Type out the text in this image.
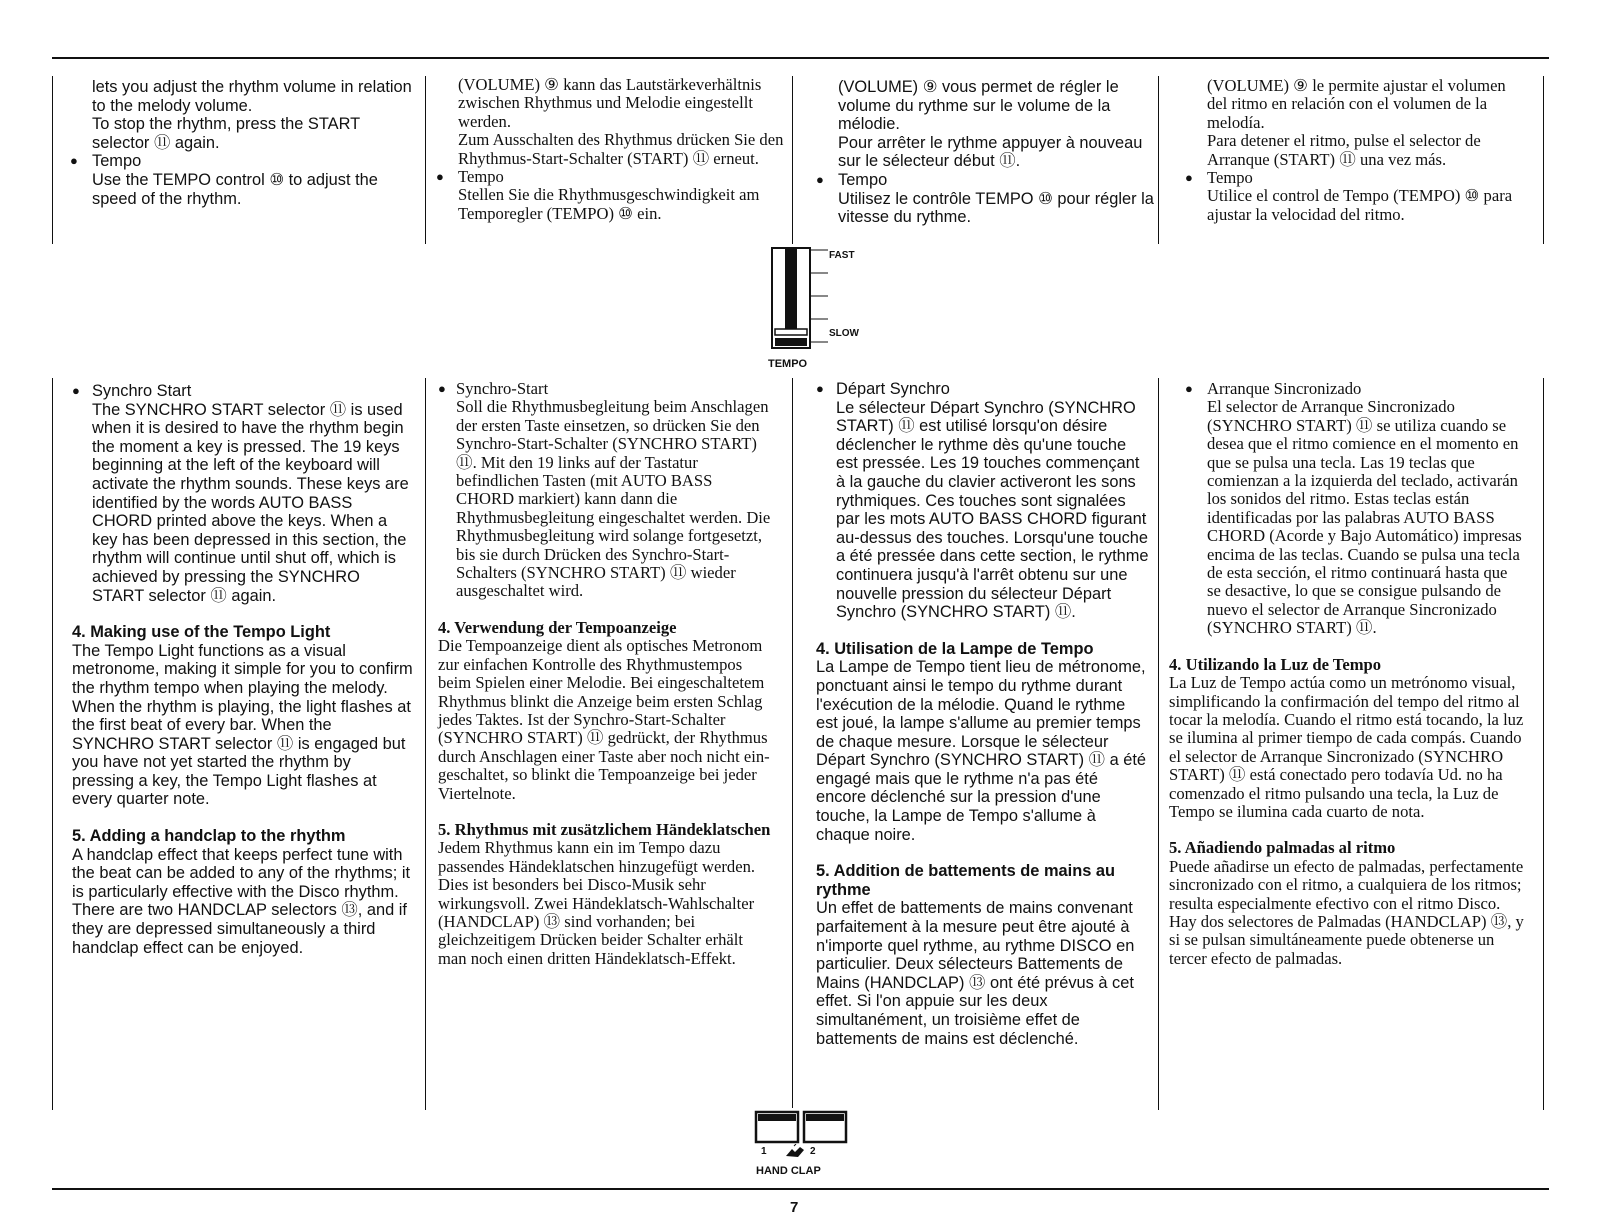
lets you adjust the rhythm volume in relation to the melody volume.

To stop the rhythm, press the START selector ⑪ again.

● Tempo

Use the TEMPO control ⑩ to adjust the speed of the rhythm.

(VOLUME) ⑨ kann das Lautstärkeverhältnis zwischen Rhythmus und Melodie eingestellt werden.

Zum Ausschalten des Rhythmus drücken Sie den Rhythmus-Start-Schalter (START) ⑪ erneut.

● Tempo

Stellen Sie die Rhythmusgeschwindigkeit am Temporegler (TEMPO) ⑩ ein.

(VOLUME) ⑨ vous permet de régler le volume du rythme sur le volume de la mélodie.

Pour arrêter le rythme appuyer à nouveau sur le sélecteur début ⑪.

● Tempo

Utilisez le contrôle TEMPO ⑩ pour régler la vitesse du rythme.

(VOLUME) ⑨ le permite ajustar el volumen del ritmo en relación con el volumen de la melodía.

Para detener el ritmo, pulse el selector de Arranque (START) ⑪ una vez más.

● Tempo

Utilice el control de Tempo (TEMPO) ⑩ para ajustar la velocidad del ritmo.

FAST
SLOW
TEMPO

● Synchro Start

The SYNCHRO START selector ⑪ is used when it is desired to have the rhythm begin the moment a key is pressed. The 19 keys beginning at the left of the keyboard will activate the rhythm sounds. These keys are identified by the words AUTO BASS CHORD printed above the keys. When a key has been depressed in this section, the rhythm will continue until shut off, which is achieved by pressing the SYNCHRO START selector ⑪ again.

4. Making use of the Tempo Light

The Tempo Light functions as a visual metronome, making it simple for you to confirm the rhythm tempo when playing the melody. When the rhythm is playing, the light flashes at the first beat of every bar. When the SYNCHRO START selector ⑪ is engaged but you have not yet started the rhythm by pressing a key, the Tempo Light flashes at every quarter note.

5. Adding a handclap to the rhythm

A handclap effect that keeps perfect tune with the beat can be added to any of the rhythms; it is particularly effective with the Disco rhythm. There are two HANDCLAP selectors ⑬, and if they are depressed simultaneously a third handclap effect can be enjoyed.

● Synchro-Start

Soll die Rhythmusbegleitung beim Anschlagen der ersten Taste einsetzen, so drücken Sie den Synchro-Start-Schalter (SYNCHRO START) ⑪. Mit den 19 links auf der Tastatur befindlichen Tasten (mit AUTO BASS CHORD markiert) kann dann die Rhythmusbegleitung eingeschaltet werden. Die Rhythmusbegleitung wird solange fortgesetzt, bis sie durch Drücken des Synchro-Start-Schalters (SYNCHRO START) ⑪ wieder ausgeschaltet wird.

4. Verwendung der Tempoanzeige

Die Tempoanzeige dient als optisches Metronom zur einfachen Kontrolle des Rhythmustempos beim Spielen einer Melodie. Bei eingeschaltetem Rhythmus blinkt die Anzeige beim ersten Schlag jedes Taktes. Ist der Synchro-Start-Schalter (SYNCHRO START) ⑪ gedrückt, der Rhythmus durch Anschlagen einer Taste aber noch nicht eingeschaltet, so blinkt die Tempoanzeige bei jeder Viertelnote.

5. Rhythmus mit zusätzlichem Händeklatschen

Jedem Rhythmus kann ein im Tempo dazu passendes Händeklatschen hinzugefügt werden. Dies ist besonders bei Disco-Musik sehr wirkungsvoll. Zwei Händeklatsch-Wahlschalter (HANDCLAP) ⑬ sind vorhanden; bei gleichzeitigem Drücken beider Schalter erhält man noch einen dritten Händeklatsch-Effekt.

● Départ Synchro

Le sélecteur Départ Synchro (SYNCHRO START) ⑪ est utilisé lorsqu'on désire déclencher le rythme dès qu'une touche est pressée. Les 19 touches commençant à la gauche du clavier activeront les sons rythmiques. Ces touches sont signalées par les mots AUTO BASS CHORD figurant au-dessus des touches. Lorsqu'une touche a été pressée dans cette section, le rythme continuera jusqu'à l'arrêt obtenu sur une nouvelle pression du sélecteur Départ Synchro (SYNCHRO START) ⑪.

4. Utilisation de la Lampe de Tempo

La Lampe de Tempo tient lieu de métronome, ponctuant ainsi le tempo du rythme durant l'exécution de la mélodie. Quand le rythme est joué, la lampe s'allume au premier temps de chaque mesure. Lorsque le sélecteur Départ Synchro (SYNCHRO START) ⑪ a été engagé mais que le rythme n'a pas été encore déclenché sur la pression d'une touche, la Lampe de Tempo s'allume à chaque noire.

5. Addition de battements de mains au rythme

Un effet de battements de mains convenant parfaitement à la mesure peut être ajouté à n'importe quel rythme, au rythme DISCO en particulier. Deux sélecteurs Battements de Mains (HANDCLAP) ⑬ ont été prévus à cet effet. Si l'on appuie sur les deux simultanément, un troisième effet de battements de mains est déclenché.

● Arranque Sincronizado

El selector de Arranque Sincronizado (SYNCHRO START) ⑪ se utiliza cuando se desea que el ritmo comience en el momento en que se pulsa una tecla. Las 19 teclas que comienzan a la izquierda del teclado, activarán los sonidos del ritmo. Estas teclas están identificadas por las palabras AUTO BASS CHORD (Acorde y Bajo Automático) impresas encima de las teclas. Cuando se pulsa una tecla de esta sección, el ritmo continuará hasta que se desactive, lo que se consigue pulsando de nuevo el selector de Arranque Sincronizado (SYNCHRO START) ⑪.

4. Utilizando la Luz de Tempo

La Luz de Tempo actúa como un metrónomo visual, simplificando la confirmación del tempo del ritmo al tocar la melodía. Cuando el ritmo está tocando, la luz se ilumina al primer tiempo de cada compás. Cuando el selector de Arranque Sincronizado (SYNCHRO START) ⑪ está conectado pero todavía Ud. no ha comenzado el ritmo pulsando una tecla, la Luz de Tempo se ilumina cada cuarto de nota.

5. Añadiendo palmadas al ritmo

Puede añadirse un efecto de palmadas, perfectamente sincronizado con el ritmo, a cualquiera de los ritmos; resulta especialmente efectivo con el ritmo Disco. Hay dos selectores de Palmadas (HANDCLAP) ⑬, y si se pulsan simultáneamente puede obtenerse un tercer efecto de palmadas.

1	2
HAND CLAP
7
